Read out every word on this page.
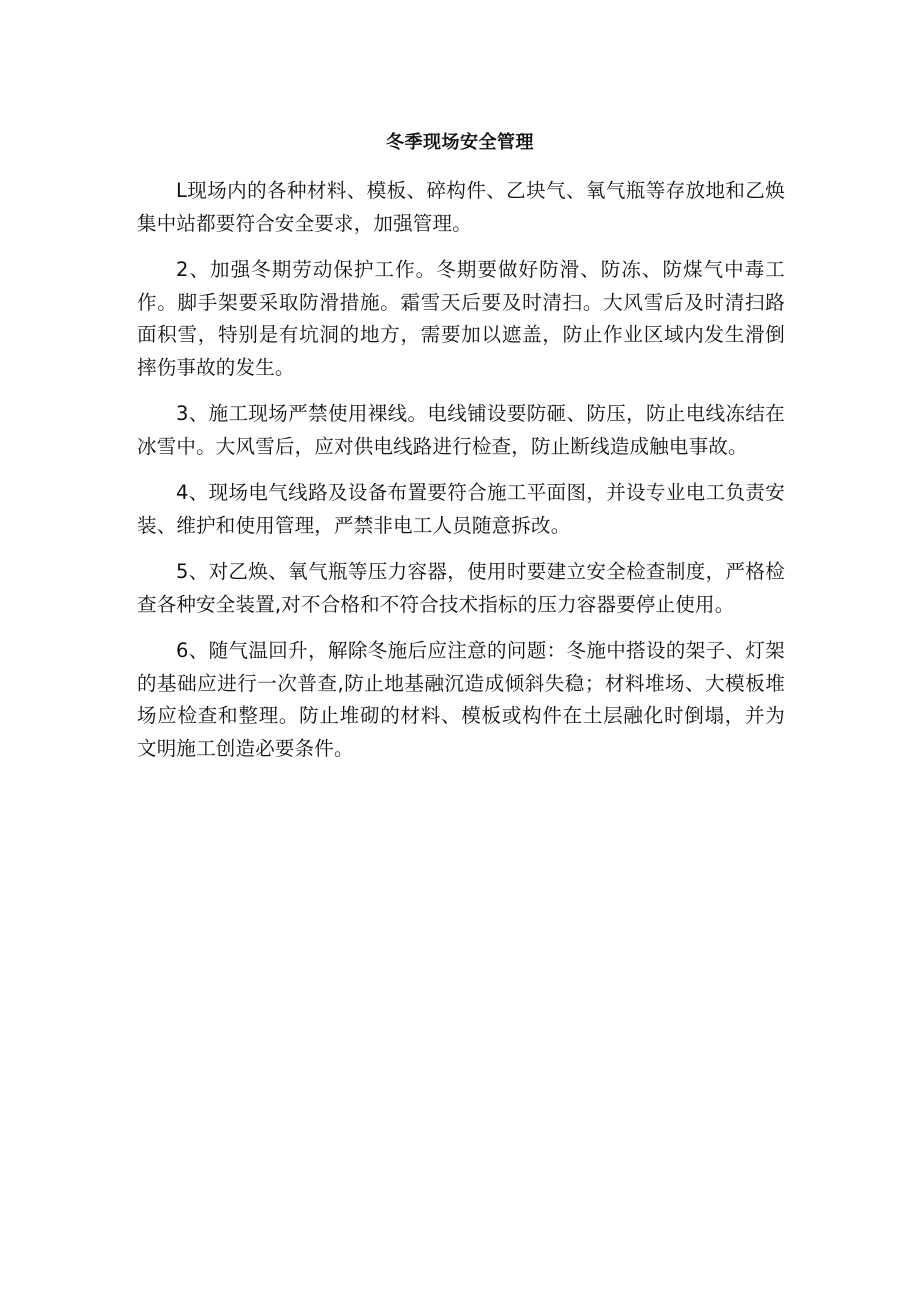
冬季现场安全管理

L现场内的各种材料、模板、碎构件、乙块气、氧气瓶等存放地和乙焕集中站都要符合安全要求，加强管理。

2、加强冬期劳动保护工作。冬期要做好防滑、防冻、防煤气中毒工作。脚手架要采取防滑措施。霜雪天后要及时清扫。大风雪后及时清扫路面积雪，特别是有坑洞的地方，需要加以遮盖，防止作业区域内发生滑倒摔伤事故的发生。

3、施工现场严禁使用裸线。电线铺设要防砸、防压，防止电线冻结在冰雪中。大风雪后，应对供电线路进行检查，防止断线造成触电事故。

4、现场电气线路及设备布置要符合施工平面图，并设专业电工负责安装、维护和使用管理，严禁非电工人员随意拆改。

5、对乙焕、氧气瓶等压力容器，使用时要建立安全检查制度，严格检查各种安全装置,对不合格和不符合技术指标的压力容器要停止使用。

6、随气温回升，解除冬施后应注意的问题：冬施中搭设的架子、灯架的基础应进行一次普查,防止地基融沉造成倾斜失稳；材料堆场、大模板堆场应检查和整理。防止堆砌的材料、模板或构件在土层融化时倒塌，并为文明施工创造必要条件。
